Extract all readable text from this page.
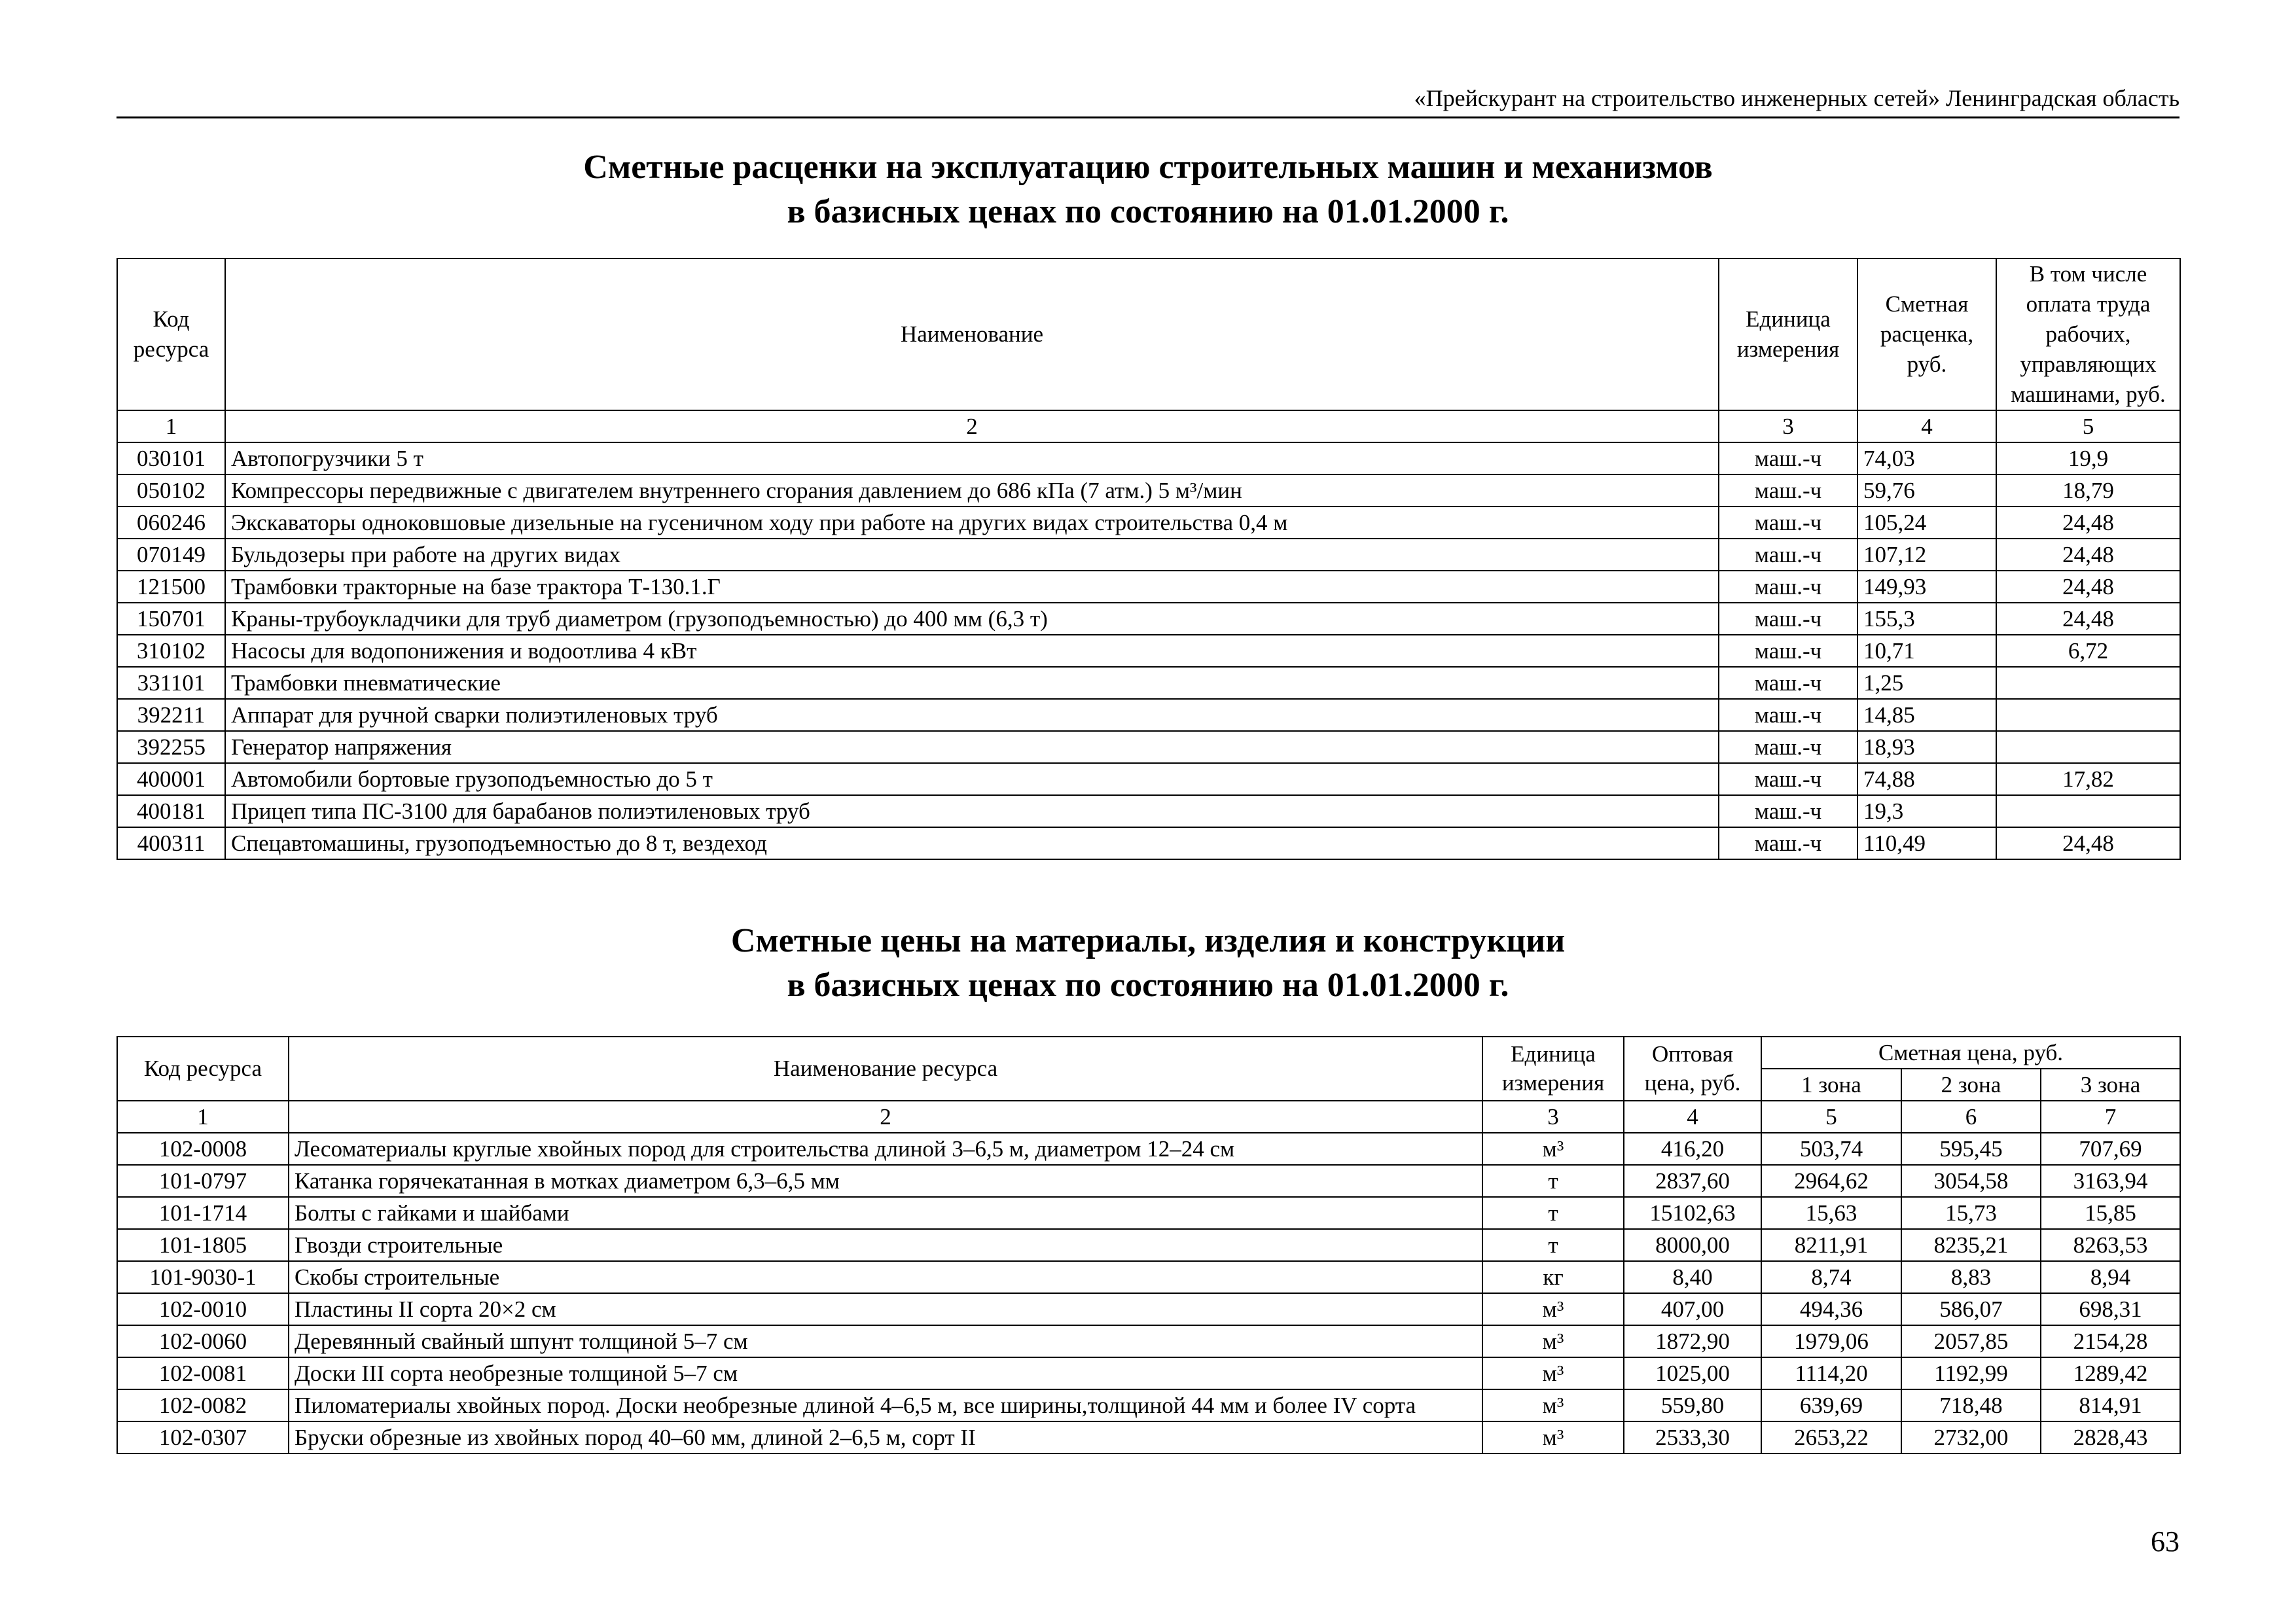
«Прейскурант на строительство инженерных сетей» Ленинградская область
Сметные расценки на эксплуатацию строительных машин и механизмов
в базисных ценах по состоянию на 01.01.2000 г.
Код ресурса	Наименование	Единица измерения	Сметная расценка, руб.	В том числе оплата труда рабочих, управляющих машинами, руб.
1	2	3	4	5
030101	Автопогрузчики 5 т	маш.-ч	74,03	19,9
050102	Компрессоры передвижные с двигателем внутреннего сгорания давлением до 686 кПа (7 атм.) 5 м³/мин	маш.-ч	59,76	18,79
060246	Экскаваторы одноковшовые дизельные на гусеничном ходу при работе на других видах строительства 0,4 м	маш.-ч	105,24	24,48
070149	Бульдозеры при работе на других видах	маш.-ч	107,12	24,48
121500	Трамбовки тракторные на базе трактора Т-130.1.Г	маш.-ч	149,93	24,48
150701	Краны-трубоукладчики для труб диаметром (грузоподъемностью) до 400 мм (6,3 т)	маш.-ч	155,3	24,48
310102	Насосы для водопонижения и водоотлива 4 кВт	маш.-ч	10,71	6,72
331101	Трамбовки пневматические	маш.-ч	1,25	
392211	Аппарат для ручной сварки полиэтиленовых труб	маш.-ч	14,85	
392255	Генератор напряжения	маш.-ч	18,93	
400001	Автомобили бортовые грузоподъемностью до 5 т	маш.-ч	74,88	17,82
400181	Прицеп типа ПС-3100 для барабанов полиэтиленовых труб	маш.-ч	19,3	
400311	Спецавтомашины, грузоподъемностью до 8 т, вездеход	маш.-ч	110,49	24,48
Сметные цены на материалы, изделия и конструкции
в базисных ценах по состоянию на 01.01.2000 г.
Код ресурса	Наименование ресурса	Единица измерения	Оптовая цена, руб.	Сметная цена, руб.		
				1 зона	2 зона	3 зона
1	2	3	4	5	6	7
102-0008	Лесоматериалы круглые хвойных пород для строительства длиной 3–6,5 м, диаметром 12–24 см	м³	416,20	503,74	595,45	707,69
101-0797	Катанка горячекатанная в мотках диаметром 6,3–6,5 мм	т	2837,60	2964,62	3054,58	3163,94
101-1714	Болты с гайками и шайбами	т	15102,63	15,63	15,73	15,85
101-1805	Гвозди строительные	т	8000,00	8211,91	8235,21	8263,53
101-9030-1	Скобы строительные	кг	8,40	8,74	8,83	8,94
102-0010	Пластины II сорта 20×2 см	м³	407,00	494,36	586,07	698,31
102-0060	Деревянный свайный шпунт толщиной 5–7 см	м³	1872,90	1979,06	2057,85	2154,28
102-0081	Доски III сорта необрезные толщиной 5–7 см	м³	1025,00	1114,20	1192,99	1289,42
102-0082	Пиломатериалы хвойных пород. Доски необрезные длиной 4–6,5 м, все ширины,толщиной 44 мм и более IV сорта	м³	559,80	639,69	718,48	814,91
102-0307	Бруски обрезные из хвойных пород 40–60 мм, длиной 2–6,5 м, сорт II	м³	2533,30	2653,22	2732,00	2828,43
63
